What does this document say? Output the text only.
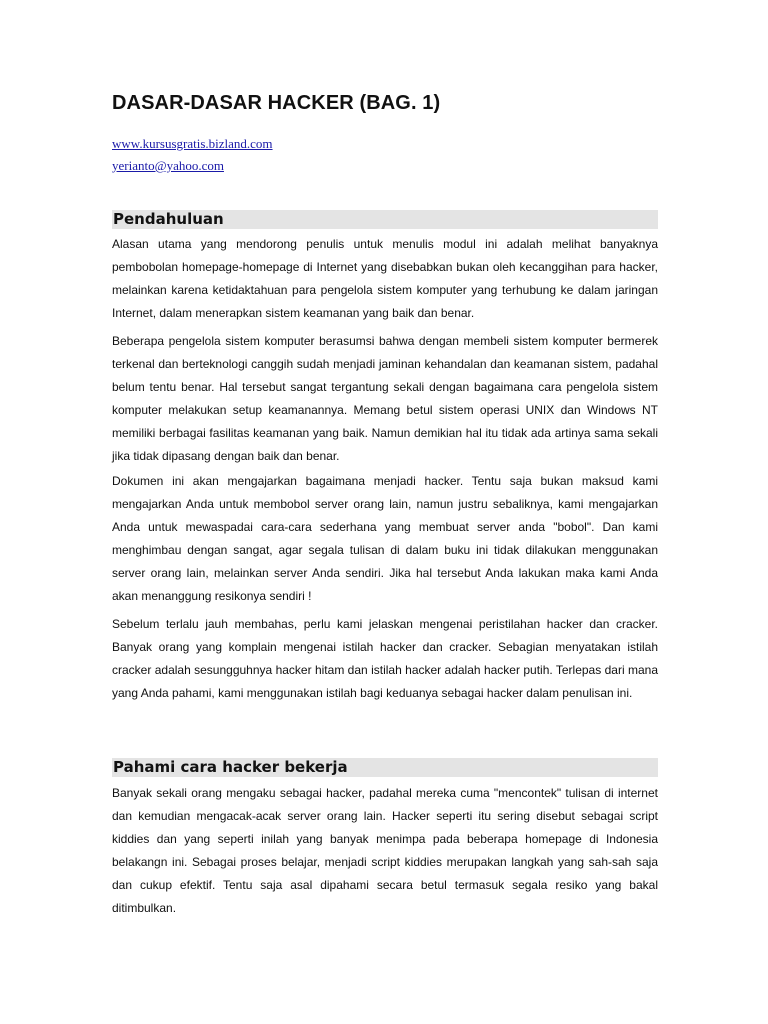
DASAR-DASAR HACKER (BAG. 1)
www.kursusgratis.bizland.com
yerianto@yahoo.com
Pendahuluan

Alasan utama yang mendorong penulis untuk menulis modul ini adalah melihat banyaknya pembobolan homepage-homepage di Internet yang disebabkan bukan oleh kecanggihan para hacker, melainkan karena ketidaktahuan para pengelola sistem komputer yang terhubung ke dalam jaringan Internet, dalam menerapkan sistem keamanan yang baik dan benar.

Beberapa pengelola sistem komputer berasumsi bahwa dengan membeli sistem komputer bermerek terkenal dan berteknologi canggih sudah menjadi jaminan kehandalan dan keamanan sistem, padahal belum tentu benar. Hal tersebut sangat tergantung sekali dengan bagaimana cara pengelola sistem komputer melakukan setup keamanannya. Memang betul sistem operasi UNIX dan Windows NT memiliki berbagai fasilitas keamanan yang baik. Namun demikian hal itu tidak ada artinya sama sekali jika tidak dipasang dengan baik dan benar.

Dokumen ini akan mengajarkan bagaimana menjadi hacker. Tentu saja bukan maksud kami mengajarkan Anda untuk membobol server orang lain, namun justru sebaliknya, kami mengajarkan Anda untuk mewaspadai cara-cara sederhana yang membuat server anda "bobol". Dan kami menghimbau dengan sangat, agar segala tulisan di dalam buku ini tidak dilakukan menggunakan server orang lain, melainkan server Anda sendiri. Jika hal tersebut Anda lakukan maka kami Anda akan menanggung resikonya sendiri !

Sebelum terlalu jauh membahas, perlu kami jelaskan mengenai peristilahan hacker dan cracker. Banyak orang yang komplain mengenai istilah hacker dan cracker. Sebagian menyatakan istilah cracker adalah sesungguhnya hacker hitam dan istilah hacker adalah hacker putih. Terlepas dari mana yang Anda pahami, kami menggunakan istilah bagi keduanya sebagai hacker dalam penulisan ini.

Pahami cara hacker bekerja

Banyak sekali orang mengaku sebagai hacker, padahal mereka cuma "mencontek" tulisan di internet dan kemudian mengacak-acak server orang lain. Hacker seperti itu sering disebut sebagai script kiddies dan yang seperti inilah yang banyak menimpa pada beberapa homepage di Indonesia belakangn ini. Sebagai proses belajar, menjadi script kiddies merupakan langkah yang sah-sah saja dan cukup efektif. Tentu saja asal dipahami secara betul termasuk segala resiko yang bakal ditimbulkan.
